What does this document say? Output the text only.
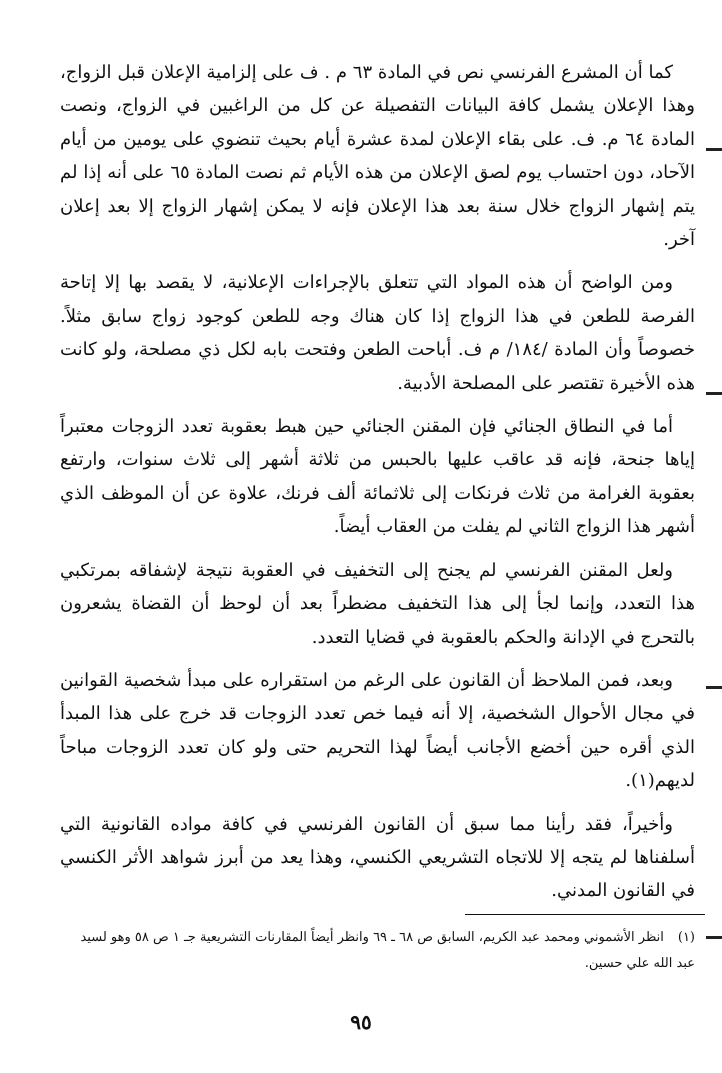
كما أن المشرع الفرنسي نص في المادة ٦٣ م . ف على إلزامية الإعلان قبل الزواج، وهذا الإعلان يشمل كافة البيانات التفصيلة عن كل من الراغبين في الزواج، ونصت المادة ٦٤ م. ف. على بقاء الإعلان لمدة عشرة أيام بحيث تنضوي على يومين من أيام الآحاد، دون احتساب يوم لصق الإعلان من هذه الأيام ثم نصت المادة ٦٥ على أنه إذا لم يتم إشهار الزواج خلال سنة بعد هذا الإعلان فإنه لا يمكن إشهار الزواج إلا بعد إعلان آخر.

ومن الواضح أن هذه المواد التي تتعلق بالإجراءات الإعلانية، لا يقصد بها إلا إتاحة الفرصة للطعن في هذا الزواج إذا كان هناك وجه للطعن كوجود زواج سابق مثلاً. خصوصاً وأن المادة /١٨٤/ م ف. أباحت الطعن وفتحت بابه لكل ذي مصلحة، ولو كانت هذه الأخيرة تقتصر على المصلحة الأدبية.

أما في النطاق الجنائي فإن المقنن الجنائي حين هبط بعقوبة تعدد الزوجات معتبراً إياها جنحة، فإنه قد عاقب عليها بالحبس من ثلاثة أشهر إلى ثلاث سنوات، وارتفع بعقوبة الغرامة من ثلاث فرنكات إلى ثلاثمائة ألف فرنك، علاوة عن أن الموظف الذي أشهر هذا الزواج الثاني لم يفلت من العقاب أيضاً.

ولعل المقنن الفرنسي لم يجنح إلى التخفيف في العقوبة نتيجة لإشفاقه بمرتكبي هذا التعدد، وإنما لجأ إلى هذا التخفيف مضطراً بعد أن لوحظ أن القضاة يشعرون بالتحرج في الإدانة والحكم بالعقوبة في قضايا التعدد.

وبعد، فمن الملاحظ أن القانون على الرغم من استقراره على مبدأ شخصية القوانين في مجال الأحوال الشخصية، إلا أنه فيما خص تعدد الزوجات قد خرج على هذا المبدأ الذي أقره حين أخضع الأجانب أيضاً لهذا التحريم حتى ولو كان تعدد الزوجات مباحاً لديهم(١).

وأخيراً، فقد رأينا مما سبق أن القانون الفرنسي في كافة مواده القانونية التي أسلفناها لم يتجه إلا للاتجاه التشريعي الكنسي، وهذا يعد من أبرز شواهد الأثر الكنسي في القانون المدني.

(١)انظر الأشموني ومحمد عبد الكريم، السابق ص ٦٨ ـ ٦٩ وانظر أيضاً المقارنات التشريعية جـ ١ ص ٥٨ وهو لسيد عبد الله علي حسين.
٩٥
